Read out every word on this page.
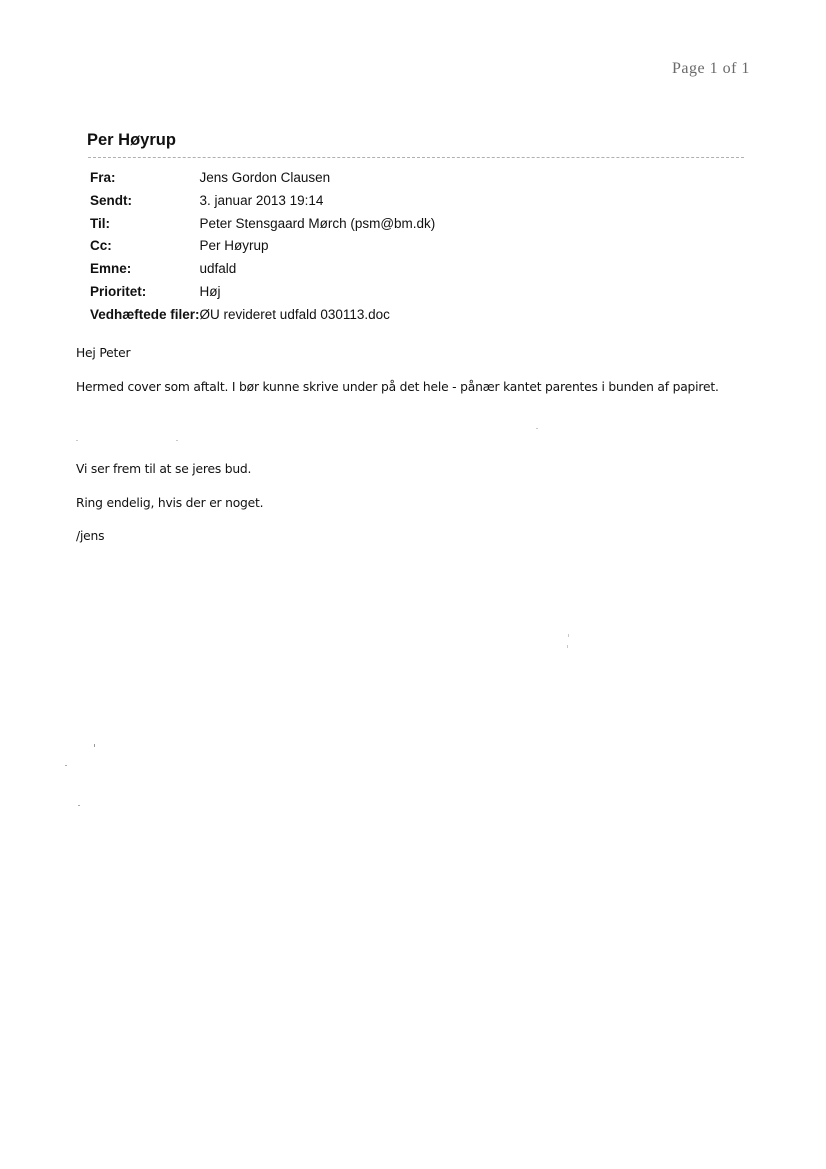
Page 1 of 1
Per Høyrup
Fra:	Jens Gordon Clausen
Sendt:	3. januar 2013 19:14
Til:	Peter Stensgaard Mørch (psm@bm.dk)
Cc:	Per Høyrup
Emne:	udfald
Prioritet:	Høj
Vedhæftede filer:	ØU revideret udfald 030113.doc
Hej Peter
Hermed cover som aftalt. I bør kunne skrive under på det hele - pånær kantet parentes i bunden af papiret.
Vi ser frem til at se jeres bud.
Ring endelig, hvis der er noget.
/jens
